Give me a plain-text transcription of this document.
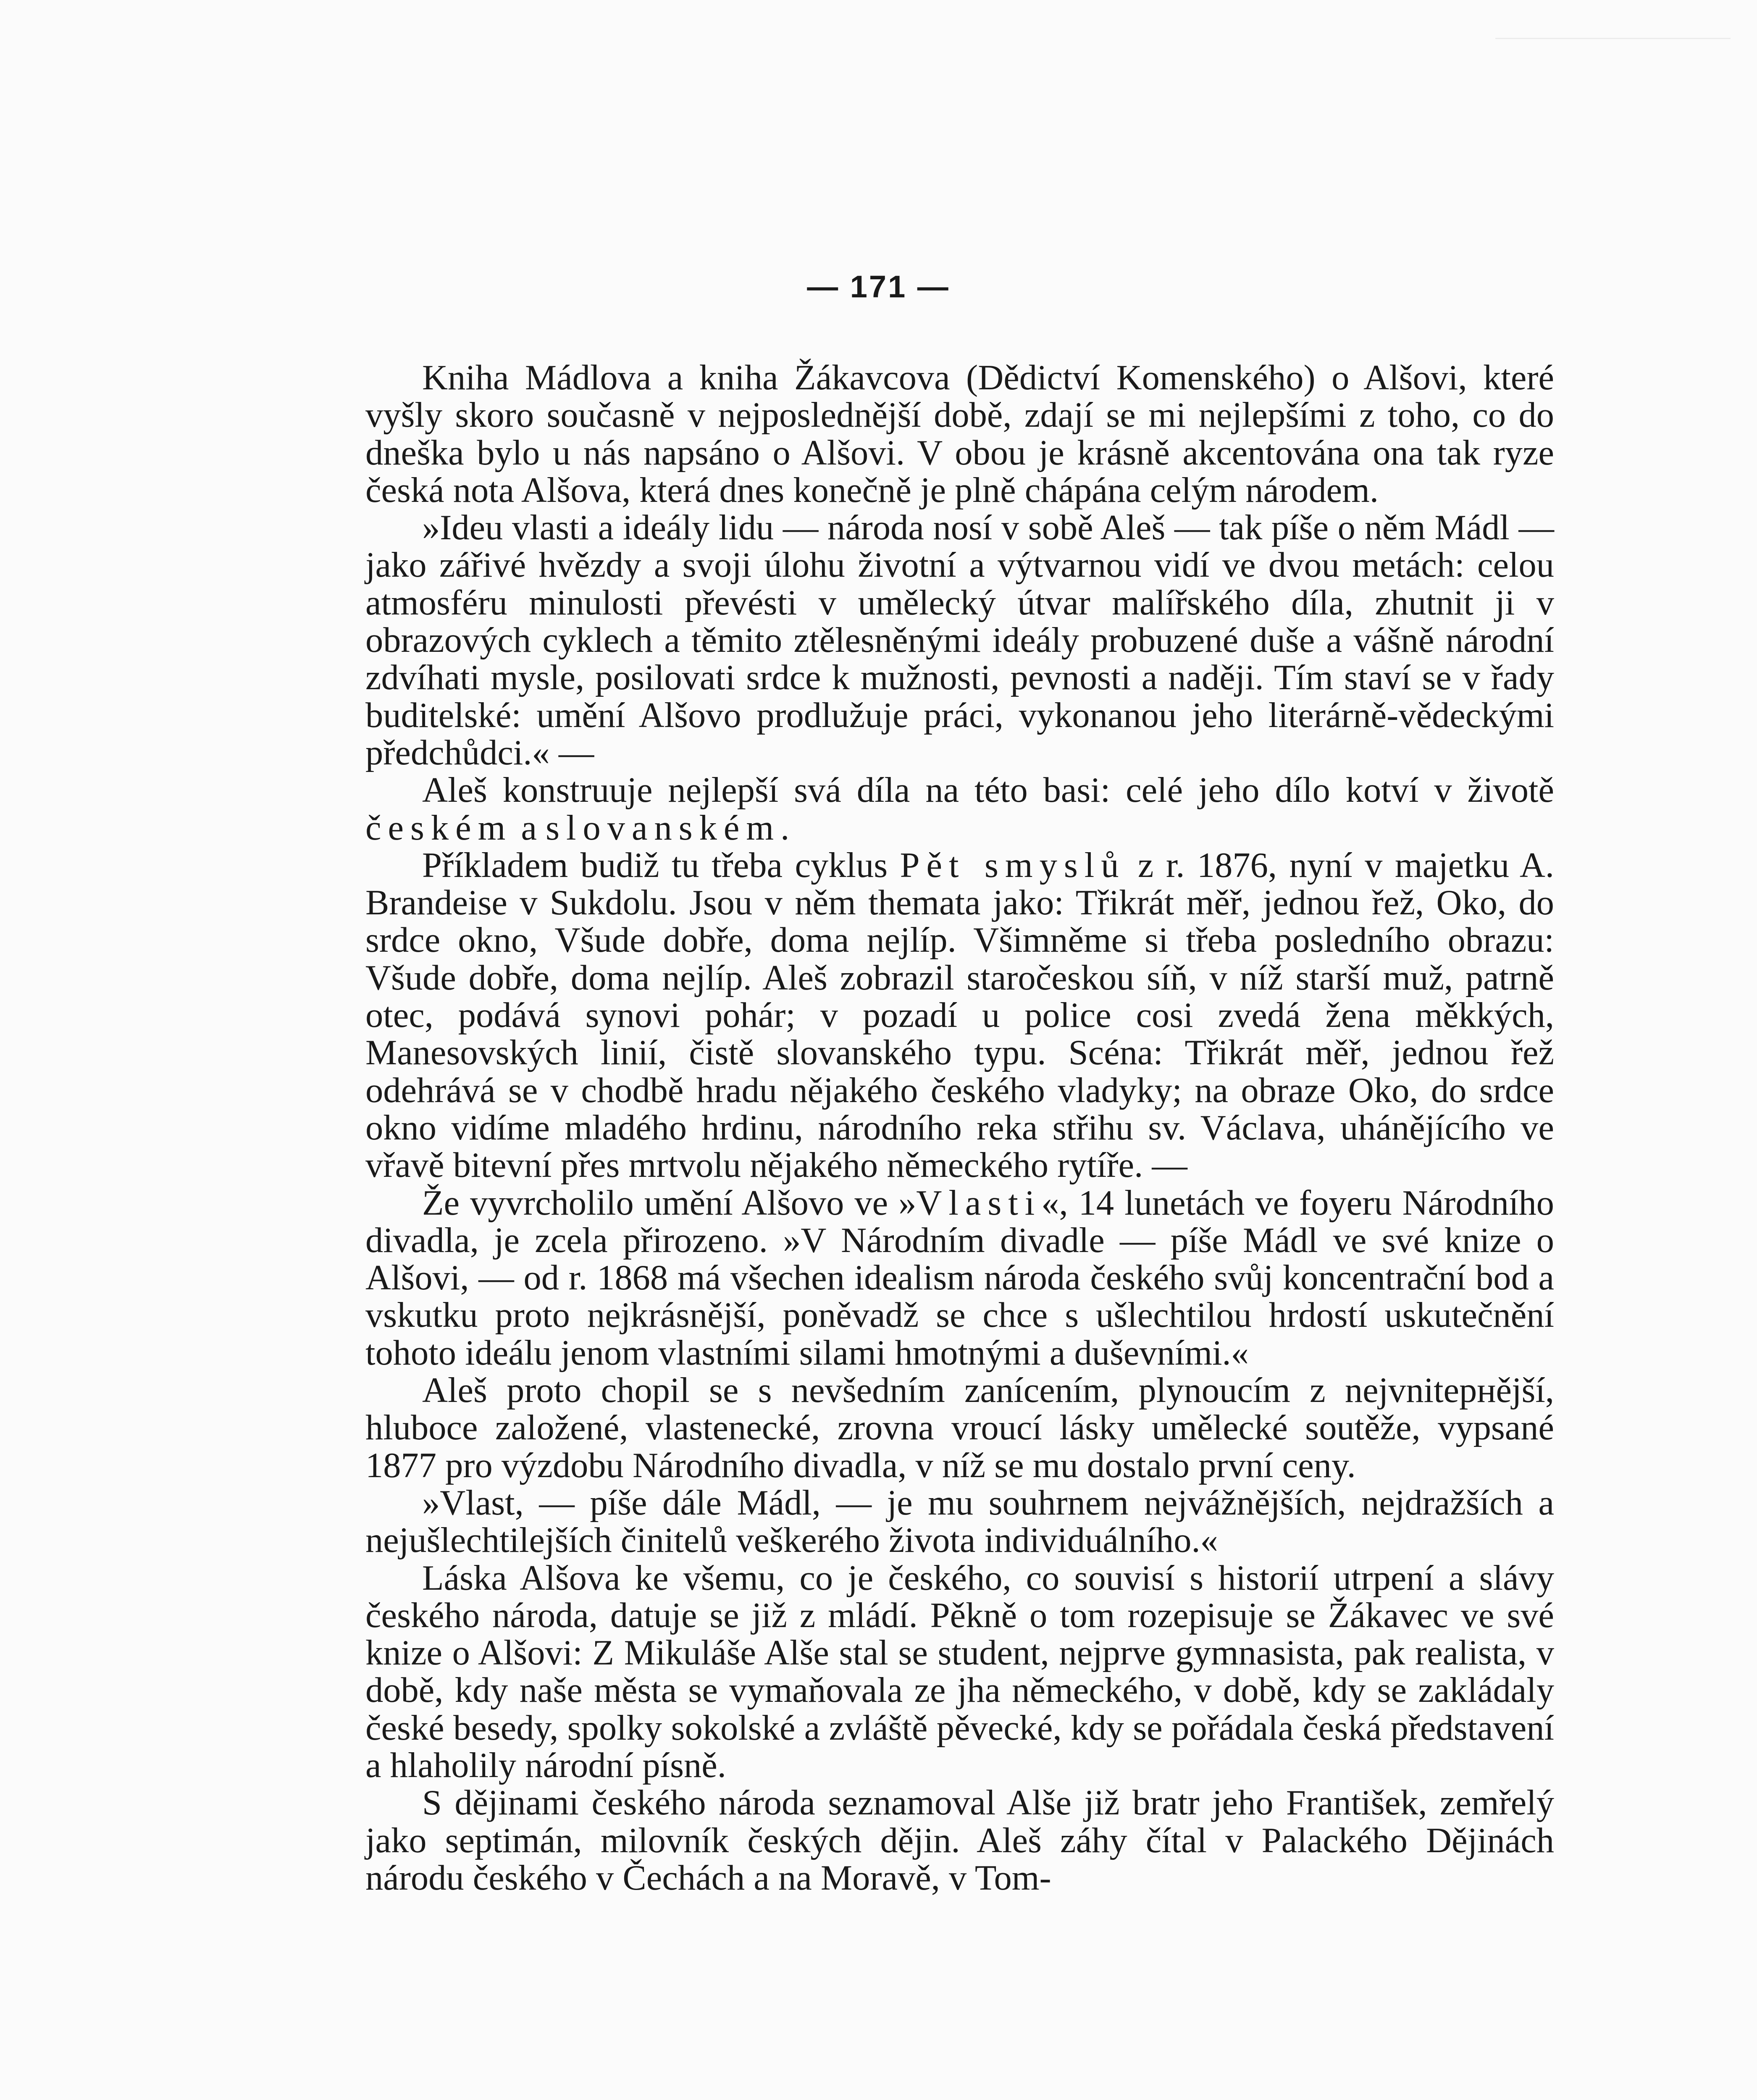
— 171 —

Kniha Mádlova a kniha Žákavcova (Dědictví Komenského) o Alšovi, které vyšly skoro současně v nejposlednější době, zdají se mi nejlepšími z toho, co do dneška bylo u nás napsáno o Alšovi. V obou je krásně akcentována ona tak ryze česká nota Alšova, která dnes konečně je plně chápána celým národem.

»Ideu vlasti a ideály lidu — národa nosí v sobě Aleš — tak píše o něm Mádl — jako zářivé hvězdy a svoji úlohu životní a výtvarnou vidí ve dvou metách: celou atmosféru minulosti převésti v umělecký útvar malířského díla, zhutnit ji v obrazových cyklech a těmito ztělesněnými ideály probuzené duše a vášně národní zdvíhati mysle, posilovati srdce k mužnosti, pevnosti a naději. Tím staví se v řady buditelské: umění Alšovo prodlužuje práci, vykonanou jeho literárně-vědeckými předchůdci.« —

Aleš konstruuje nejlepší svá díla na této basi: celé jeho dílo kotví v životě českém a slovanském.

Příkladem budiž tu třeba cyklus Pět smyslů z r. 1876, nyní v majetku A. Brandeise v Sukdolu. Jsou v něm themata jako: Třikrát měř, jednou řež, Oko, do srdce okno, Všude dobře, doma nejlíp. Všimněme si třeba posledního obrazu: Všude dobře, doma nejlíp. Aleš zobrazil staročeskou síň, v níž starší muž, patrně otec, podává synovi pohár; v pozadí u police cosi zvedá žena měkkých, Manesovských linií, čistě slovanského typu. Scéna: Třikrát měř, jednou řež odehrává se v chodbě hradu nějakého českého vladyky; na obraze Oko, do srdce okno vidíme mladého hrdinu, národního reka střihu sv. Václava, uhánějícího ve vřavě bitevní přes mrtvolu nějakého německého rytíře. —

Že vyvrcholilo umění Alšovo ve »Vlasti«, 14 lunetách ve foyeru Národního divadla, je zcela přirozeno. »V Národním divadle — píše Mádl ve své knize o Alšovi, — od r. 1868 má všechen idealism národa českého svůj koncentrační bod a vskutku proto nejkrásnější, poněvadž se chce s ušlechtilou hrdostí uskutečnění tohoto ideálu jenom vlastními silami hmotnými a duševními.«

Aleš proto chopil se s nevšedním zanícením, plynoucím z nejvnitернější, hluboce založené, vlastenecké, zrovna vroucí lásky umělecké soutěže, vypsané 1877 pro výzdobu Národního divadla, v níž se mu dostalo první ceny.

»Vlast, — píše dále Mádl, — je mu souhrnem nejvážnějších, nejdražších a nejušlechtilejších činitelů veškerého života individuálního.«

Láska Alšova ke všemu, co je českého, co souvisí s historií utrpení a slávy českého národa, datuje se již z mládí. Pěkně o tom rozepisuje se Žákavec ve své knize o Alšovi: Z Mikuláše Alše stal se student, nejprve gymnasista, pak realista, v době, kdy naše města se vymaňovala ze jha německého, v době, kdy se zakládaly české besedy, spolky sokolské a zvláště pěvecké, kdy se pořádala česká představení a hlaholily národní písně.

S dějinami českého národa seznamoval Alše již bratr jeho František, zemřelý jako septimán, milovník českých dějin. Aleš záhy čítal v Palackého Dějinách národu českého v Čechách a na Moravě, v Tom-
